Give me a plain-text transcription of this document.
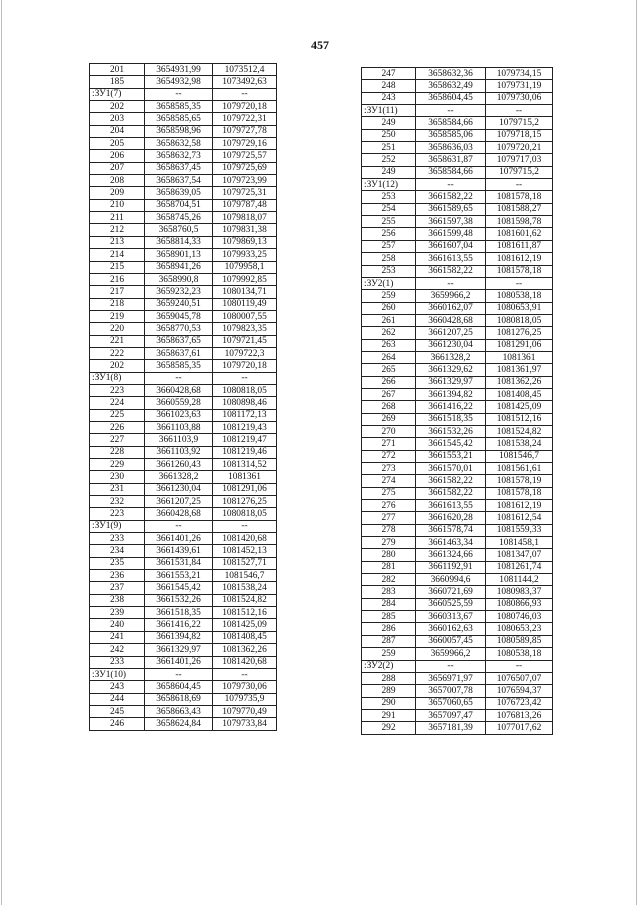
457
201	3654931,99	1073512,4
185	3654932,98	1073492,63
:ЗУ1(7)	--	--
202	3658585,35	1079720,18
203	3658585,65	1079722,31
204	3658598,96	1079727,78
205	3658632,58	1079729,16
206	3658632,73	1079725,57
207	3658637,45	1079725,69
208	3658637,54	1079723,99
209	3658639,05	1079725,31
210	3658704,51	1079787,48
211	3658745,26	1079818,07
212	3658760,5	1079831,38
213	3658814,33	1079869,13
214	3658901,13	1079933,25
215	3658941,26	1079958,1
216	3658990,8	1079992,85
217	3659232,23	1080134,71
218	3659240,51	1080119,49
219	3659045,78	1080007,55
220	3658770,53	1079823,35
221	3658637,65	1079721,45
222	3658637,61	1079722,3
202	3658585,35	1079720,18
:ЗУ1(8)	--	--
223	3660428,68	1080818,05
224	3660559,28	1080898,46
225	3661023,63	1081172,13
226	3661103,88	1081219,43
227	3661103,9	1081219,47
228	3661103,92	1081219,46
229	3661260,43	1081314,52
230	3661328,2	1081361
231	3661230,04	1081291,06
232	3661207,25	1081276,25
223	3660428,68	1080818,05
:ЗУ1(9)	--	--
233	3661401,26	1081420,68
234	3661439,61	1081452,13
235	3661531,84	1081527,71
236	3661553,21	1081546,7
237	3661545,42	1081538,24
238	3661532,26	1081524,82
239	3661518,35	1081512,16
240	3661416,22	1081425,09
241	3661394,82	1081408,45
242	3661329,97	1081362,26
233	3661401,26	1081420,68
:ЗУ1(10)	--	--
243	3658604,45	1079730,06
244	3658618,69	1079735,9
245	3658663,43	1079770,49
246	3658624,84	1079733,84
247	3658632,36	1079734,15
248	3658632,49	1079731,19
243	3658604,45	1079730,06
:ЗУ1(11)	--	--
249	3658584,66	1079715,2
250	3658585,06	1079718,15
251	3658636,03	1079720,21
252	3658631,87	1079717,03
249	3658584,66	1079715,2
:ЗУ1(12)	--	--
253	3661582,22	1081578,18
254	3661589,65	1081588,27
255	3661597,38	1081598,78
256	3661599,48	1081601,62
257	3661607,04	1081611,87
258	3661613,55	1081612,19
253	3661582,22	1081578,18
:ЗУ2(1)	--	--
259	3659966,2	1080538,18
260	3660162,07	1080653,91
261	3660428,68	1080818,05
262	3661207,25	1081276,25
263	3661230,04	1081291,06
264	3661328,2	1081361
265	3661329,62	1081361,97
266	3661329,97	1081362,26
267	3661394,82	1081408,45
268	3661416,22	1081425,09
269	3661518,35	1081512,16
270	3661532,26	1081524,82
271	3661545,42	1081538,24
272	3661553,21	1081546,7
273	3661570,01	1081561,61
274	3661582,22	1081578,19
275	3661582,22	1081578,18
276	3661613,55	1081612,19
277	3661620,28	1081612,54
278	3661578,74	1081559,33
279	3661463,34	1081458,1
280	3661324,66	1081347,07
281	3661192,91	1081261,74
282	3660994,6	1081144,2
283	3660721,69	1080983,37
284	3660525,59	1080866,93
285	3660313,67	1080746,03
286	3660162,63	1080653,23
287	3660057,45	1080589,85
259	3659966,2	1080538,18
:ЗУ2(2)	--	--
288	3656971,97	1076507,07
289	3657007,78	1076594,37
290	3657060,65	1076723,42
291	3657097,47	1076813,26
292	3657181,39	1077017,62
